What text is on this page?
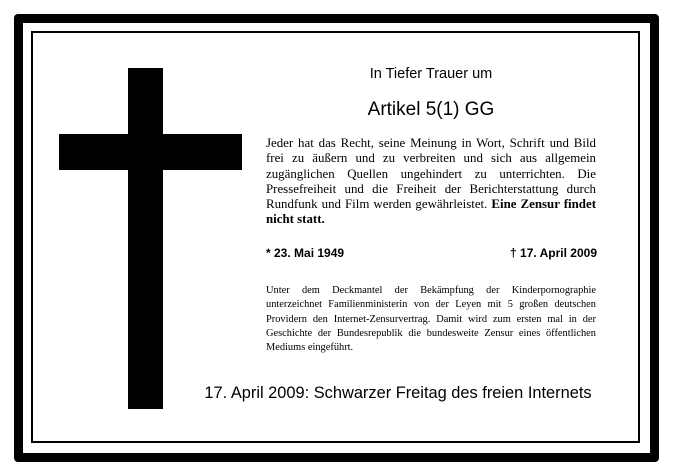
In Tiefer Trauer um
Artikel 5(1) GG
Jeder hat das Recht, seine Meinung in Wort, Schrift und Bild frei zu äußern und zu verbreiten und sich aus allgemein zugänglichen Quellen ungehindert zu unterrichten. Die Pressefreiheit und die Freiheit der Berichterstattung durch Rundfunk und Film werden gewährleistet. Eine Zensur findet nicht statt.
* 23. Mai 1949	† 17. April 2009
Unter dem Deckmantel der Bekämpfung der Kinderpornographie unterzeichnet Familienministerin von der Leyen mit 5 großen deutschen Providern den Internet-Zensurvertrag. Damit wird zum ersten mal in der Geschichte der Bundesrepublik die bundesweite Zensur eines öffentlichen Mediums eingeführt.
17. April 2009: Schwarzer Freitag des freien Internets
